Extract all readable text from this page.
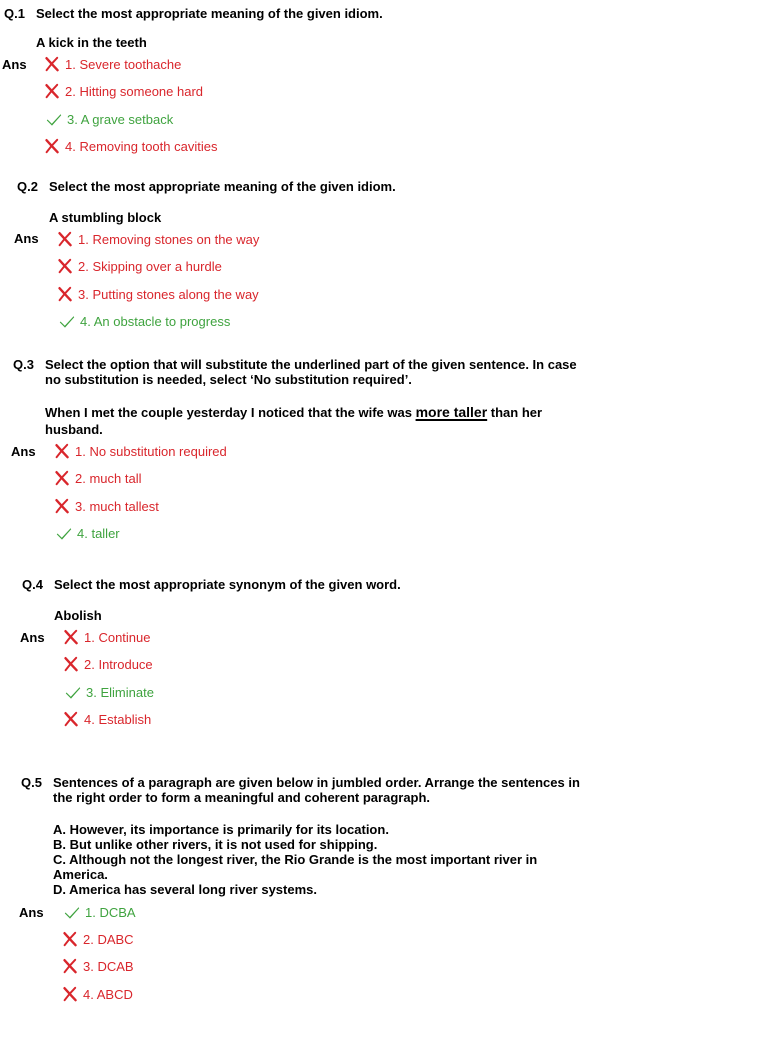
Q.1 Select the most appropriate meaning of the given idiom.
A kick in the teeth
Ans	1. Severe toothache
2. Hitting someone hard
3. A grave setback
4. Removing tooth cavities
Q.2 Select the most appropriate meaning of the given idiom.
A stumbling block
Ans	1. Removing stones on the way
2. Skipping over a hurdle
3. Putting stones along the way
4. An obstacle to progress
Q.3 Select the option that will substitute the underlined part of the given sentence. In case
no substitution is needed, select ‘No substitution required’.
When I met the couple yesterday I noticed that the wife was more taller than her
husband.
Ans	1. No substitution required
2. much tall
3. much tallest
4. taller
Q.4 Select the most appropriate synonym of the given word.
Abolish
Ans	1. Continue
2. Introduce
3. Eliminate
4. Establish
Q.5 Sentences of a paragraph are given below in jumbled order. Arrange the sentences in
the right order to form a meaningful and coherent paragraph.
A. However, its importance is primarily for its location.
B. But unlike other rivers, it is not used for shipping.
C. Although not the longest river, the Rio Grande is the most important river in
America.
D. America has several long river systems.
Ans	1. DCBA
2. DABC
3. DCAB
4. ABCD
